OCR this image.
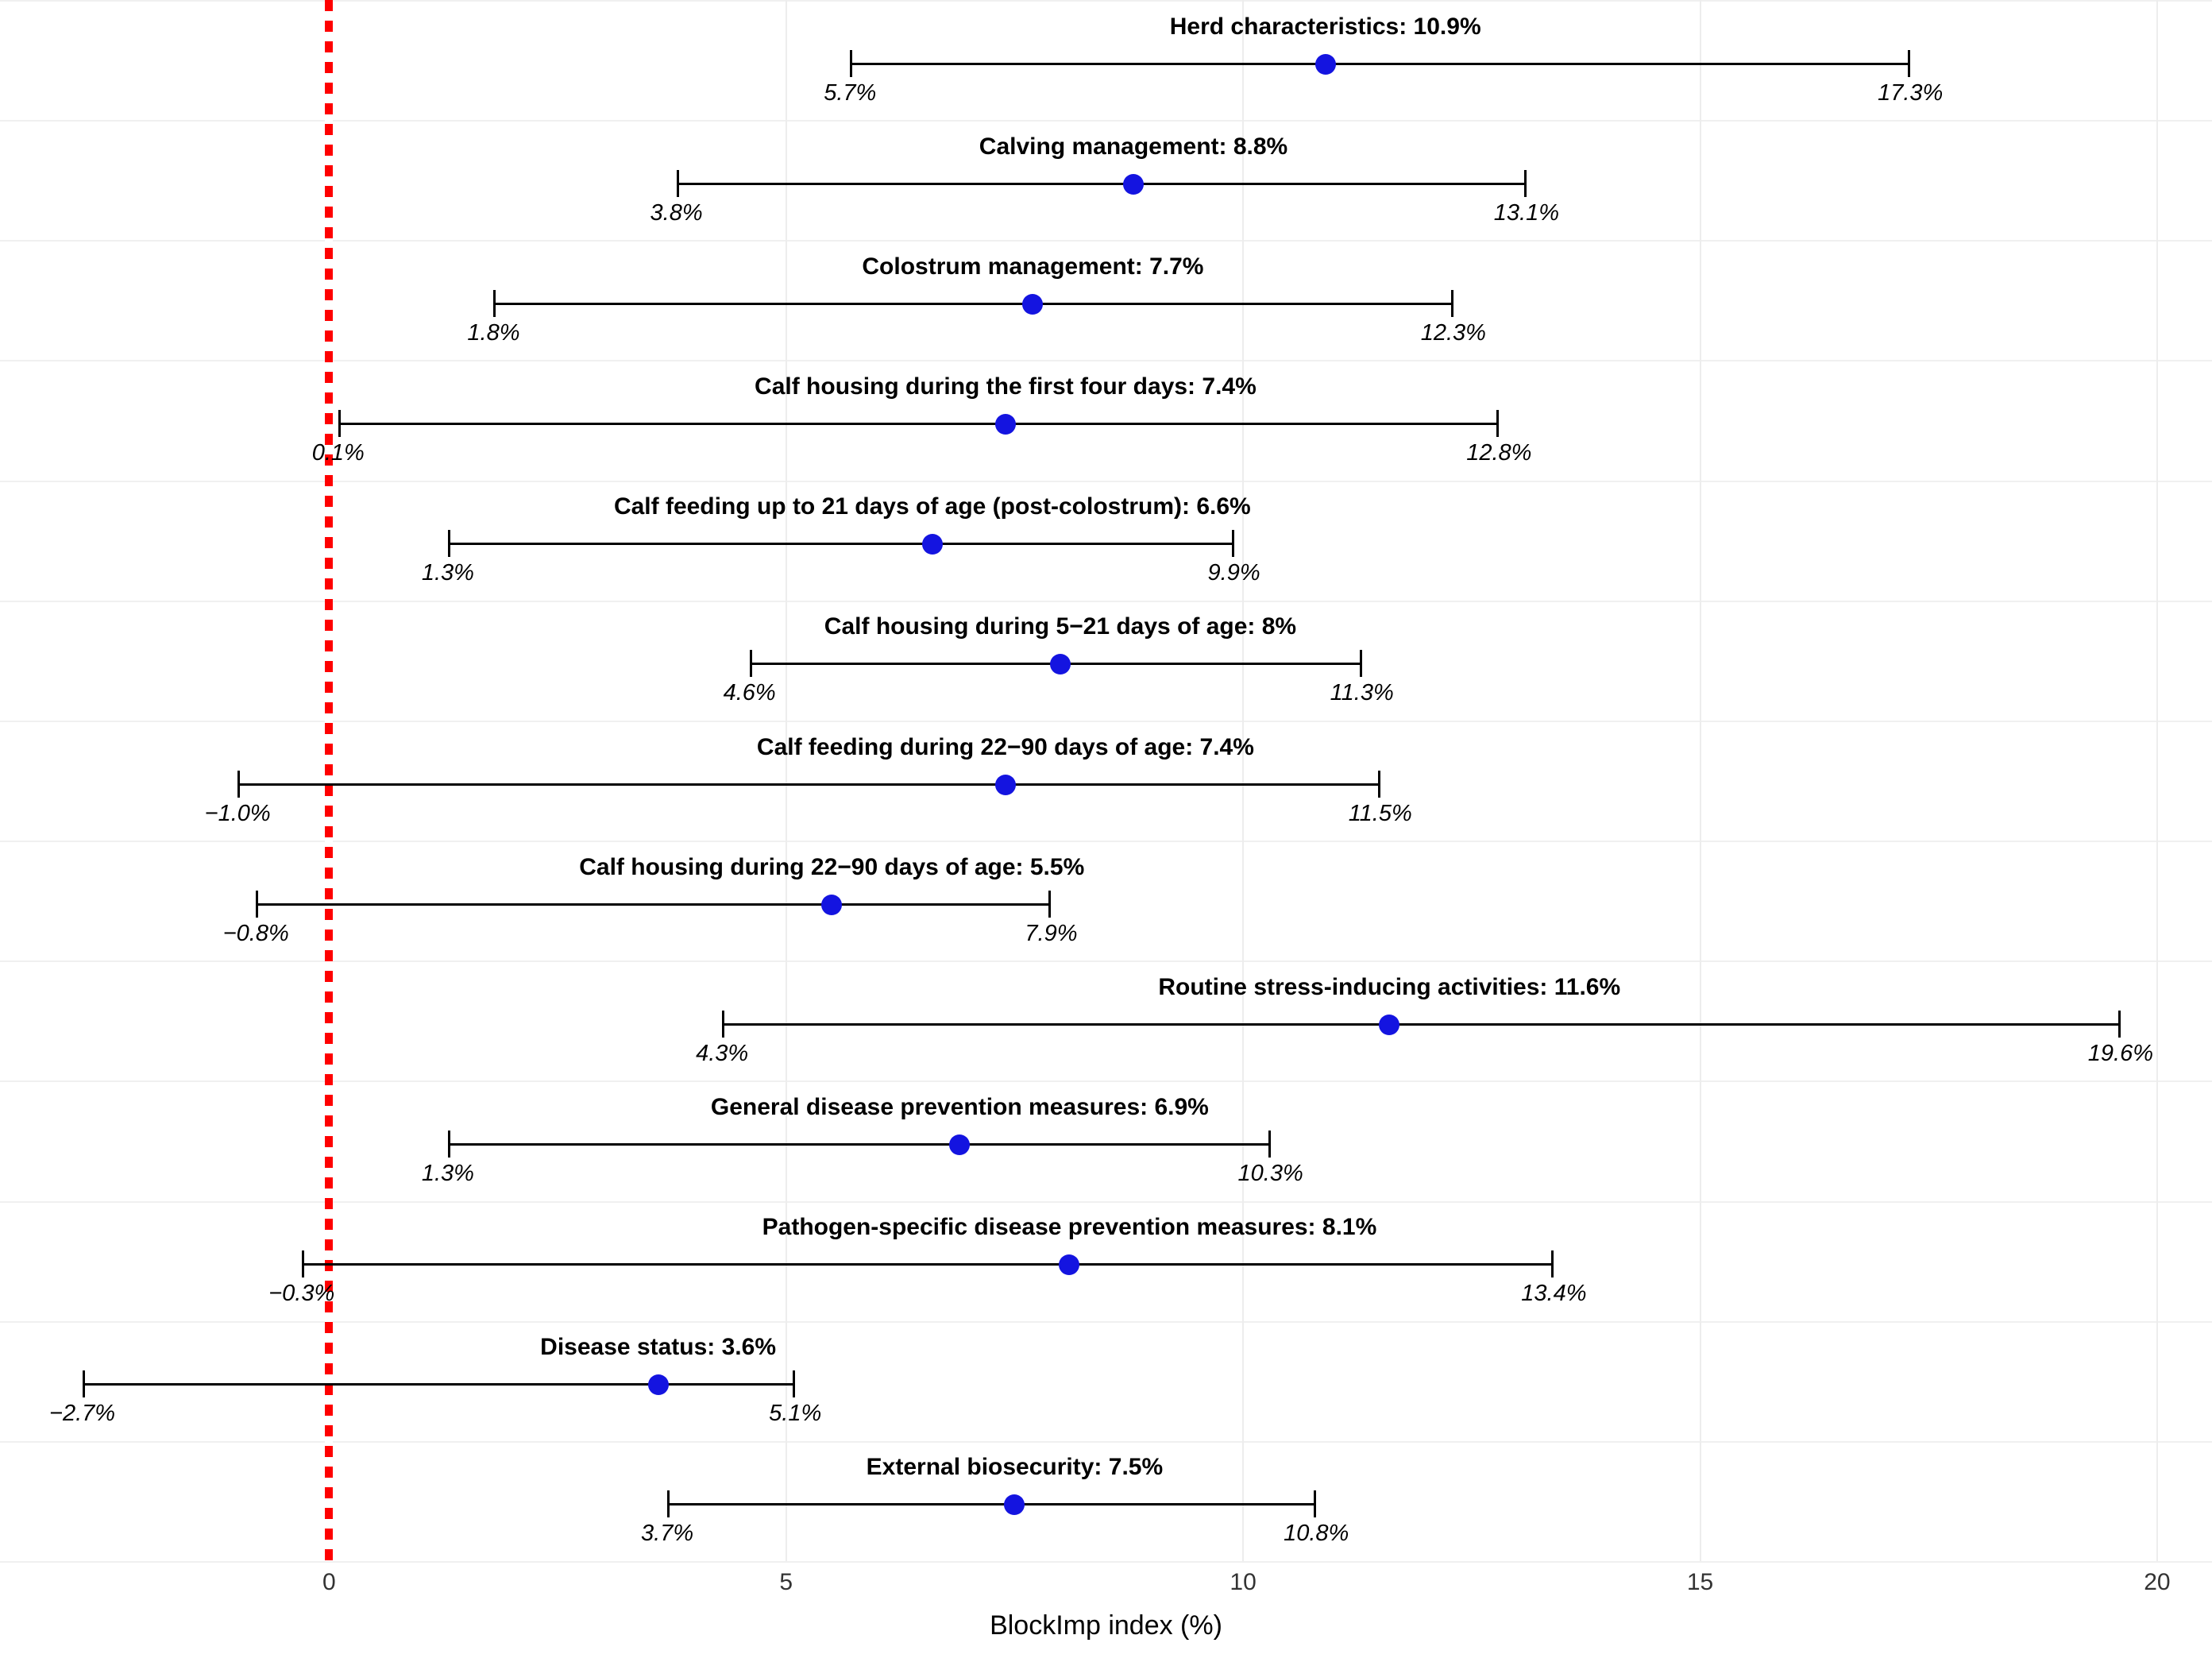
Herd characteristics: 10.9%
5.7%	17.3%
Calving management: 8.8%
3.8%	13.1%
Colostrum management: 7.7%
1.8%	12.3%
Calf housing during the first four days: 7.4%
0.1%	12.8%
Calf feeding up to 21 days of age (post-colostrum): 6.6%
1.3%	9.9%
Calf housing during 5−21 days of age: 8%
4.6%	11.3%
Calf feeding during 22−90 days of age: 7.4%
−1.0%	11.5%
Calf housing during 22−90 days of age: 5.5%
−0.8%	7.9%
Routine stress-inducing activities: 11.6%
4.3%	19.6%
General disease prevention measures: 6.9%
1.3%	10.3%
Pathogen-specific disease prevention measures: 8.1%
−0.3%	13.4%
Disease status: 3.6%
−2.7%	5.1%
External biosecurity: 7.5%
3.7%	10.8%
0	5	10	15	20
BlockImp index (%)
